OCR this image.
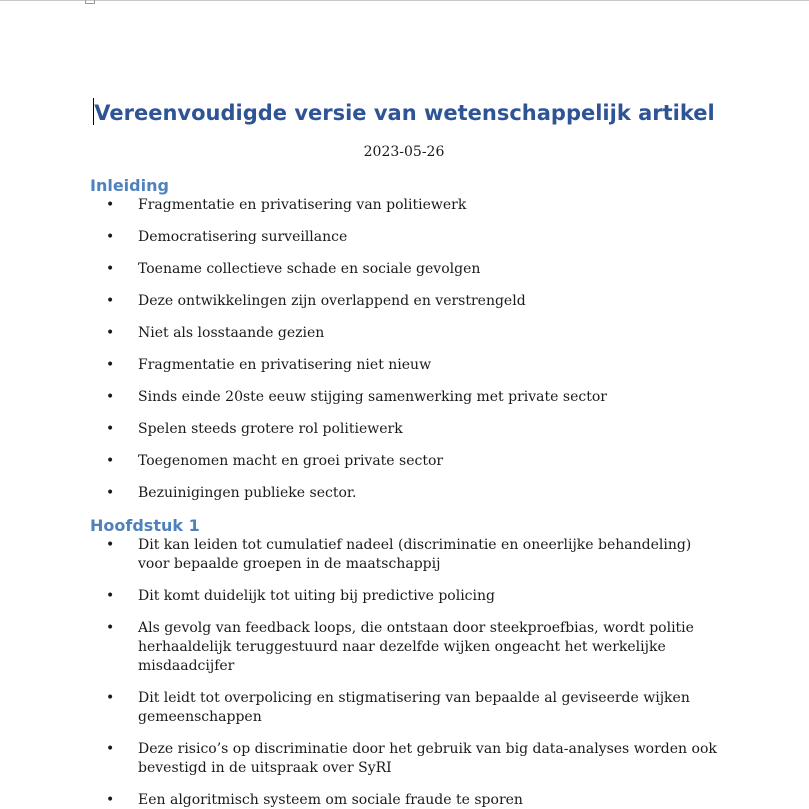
Vereenvoudigde versie van wetenschappelijk artikel

2023-05-26

Inleiding
• Fragmentatie en privatisering van politiewerk
• Democratisering surveillance
• Toename collectieve schade en sociale gevolgen
• Deze ontwikkelingen zijn overlappend en verstrengeld
• Niet als losstaande gezien
• Fragmentatie en privatisering niet nieuw
• Sinds einde 20ste eeuw stijging samenwerking met private sector
• Spelen steeds grotere rol politiewerk
• Toegenomen macht en groei private sector
• Bezuinigingen publieke sector.
Hoofdstuk 1
• Dit kan leiden tot cumulatief nadeel (discriminatie en oneerlijke behandeling) voor bepaalde groepen in de maatschappij
• Dit komt duidelijk tot uiting bij predictive policing
• Als gevolg van feedback loops, die ontstaan door steekproefbias, wordt politie herhaaldelijk teruggestuurd naar dezelfde wijken ongeacht het werkelijke misdaadcijfer
• Dit leidt tot overpolicing en stigmatisering van bepaalde al geviseerde wijken gemeenschappen
• Deze risico’s op discriminatie door het gebruik van big data-analyses worden ook bevestigd in de uitspraak over SyRI
• Een algoritmisch systeem om sociale fraude te sporen
